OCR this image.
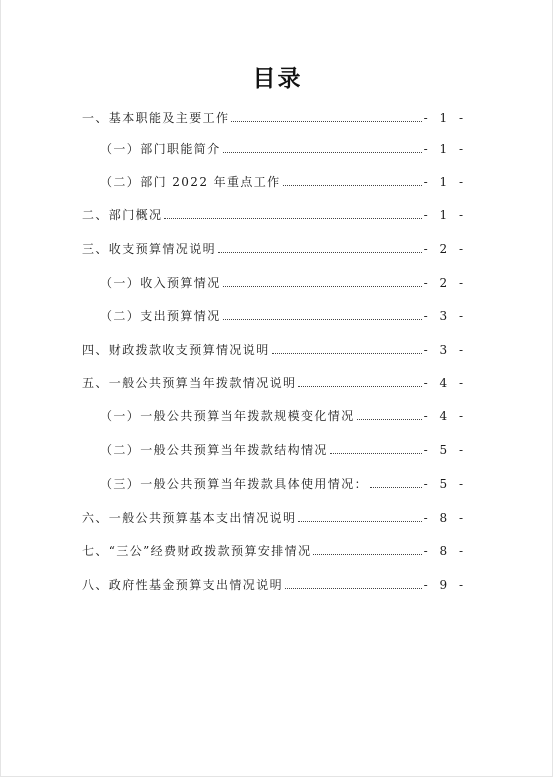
目录
一、基本职能及主要工作	- 1 -
（一）部门职能简介	- 1 -
（二）部门 2022 年重点工作	- 1 -
二、部门概况	- 1 -
三、收支预算情况说明	- 2 -
（一）收入预算情况	- 2 -
（二）支出预算情况	- 3 -
四、财政拨款收支预算情况说明	- 3 -
五、一般公共预算当年拨款情况说明	- 4 -
（一）一般公共预算当年拨款规模变化情况	- 4 -
（二）一般公共预算当年拨款结构情况	- 5 -
（三）一般公共预算当年拨款具体使用情况：	- 5 -
六、一般公共预算基本支出情况说明	- 8 -
七、“三公”经费财政拨款预算安排情况	- 8 -
八、政府性基金预算支出情况说明	- 9 -
